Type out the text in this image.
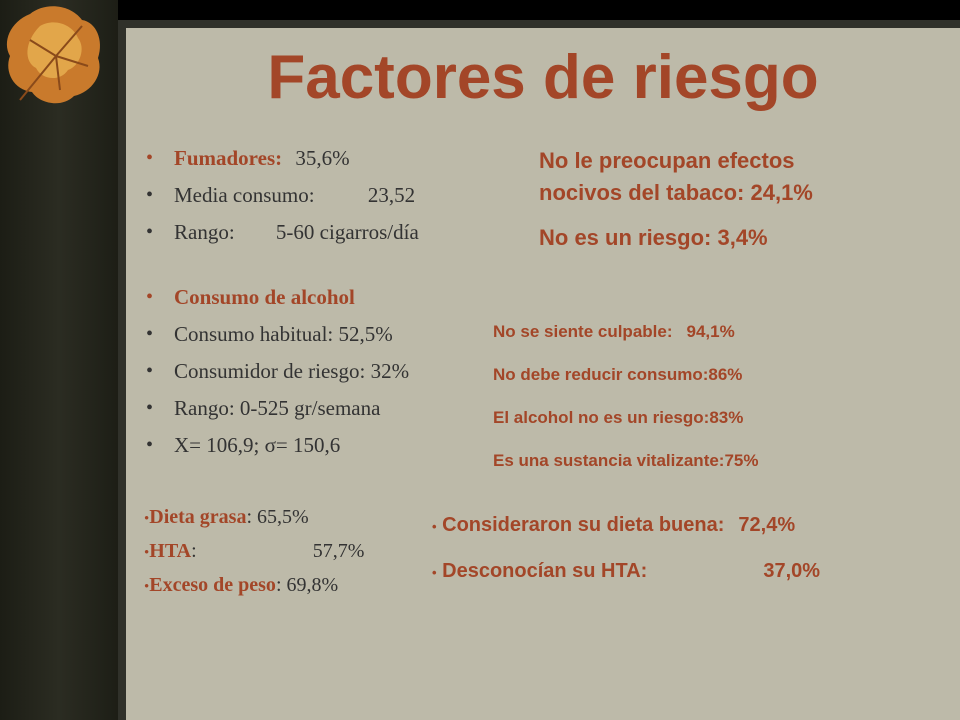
Factores de riesgo
• Fumadores: 35,6%
• Media consumo:	23,52
• Rango: 5-60 cigarros/día
No le preocupan efectos
nocivos del tabaco: 24,1%
No es un riesgo: 3,4%
• Consumo de alcohol
• Consumo habitual: 52,5%
• Consumidor de riesgo: 32%
• Rango: 0-525 gr/semana
• X= 106,9; σ= 150,6
No se siente culpable: 94,1%
No debe reducir consumo:86%
El alcohol no es un riesgo:83%
Es una sustancia vitalizante:75%
•Dieta grasa: 65,5%
•HTA:	57,7%
•Exceso de peso: 69,8%
• Consideraron su dieta buena: 72,4%
• Desconocían su HTA:	37,0%
